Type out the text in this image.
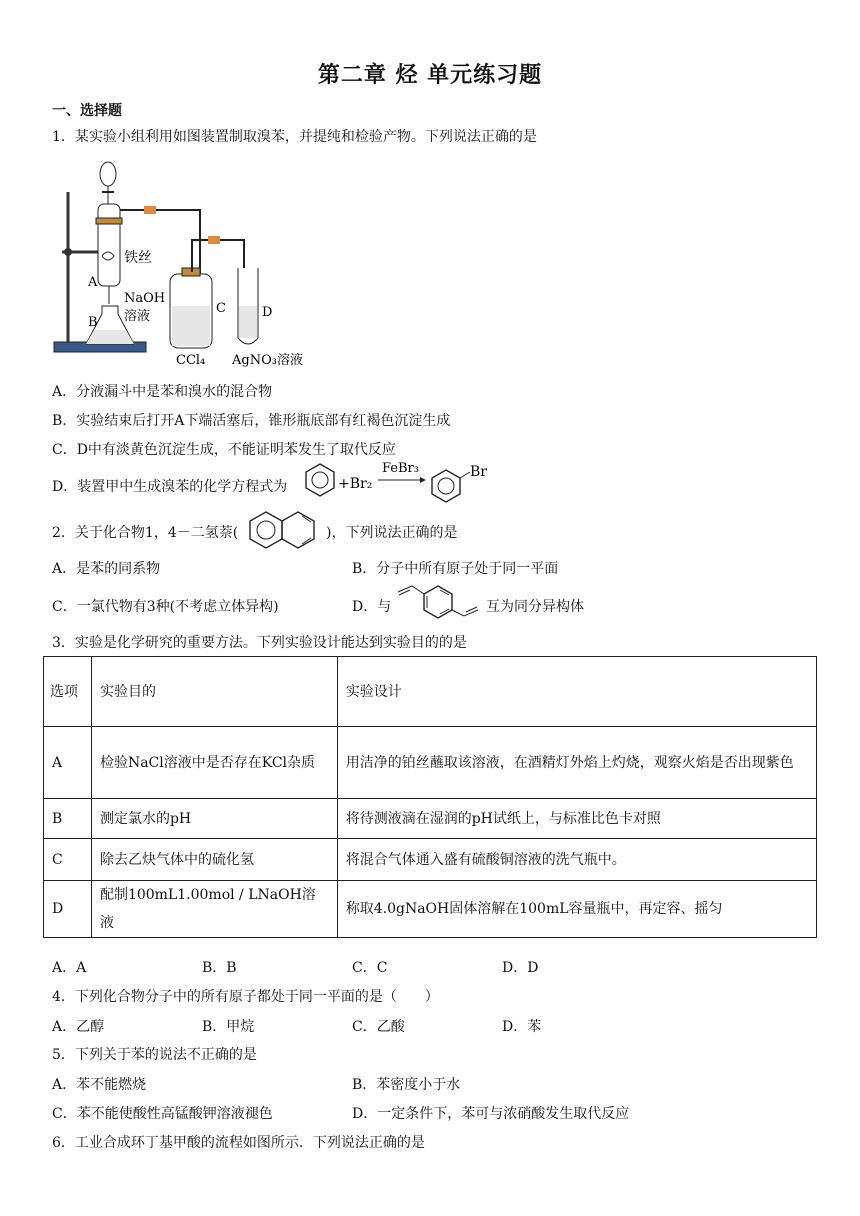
第二章 烃 单元练习题
一、选择题
1．某实验小组利用如图装置制取溴苯，并提纯和检验产物。下列说法正确的是
铁丝
A
NaOH
溶液
B
C	D
CCl₄ AgNO₃溶液
A．分液漏斗中是苯和溴水的混合物
B．实验结束后打开A下端活塞后，锥形瓶底部有红褐色沉淀生成
C．D中有淡黄色沉淀生成，不能证明苯发生了取代反应
D．装置甲中生成溴苯的化学方程式为	+Br₂
FeBr₃	Br
2．关于化合物1，4－二氢萘(	)，下列说法正确的是
A．是苯的同系物	B．分子中所有原子处于同一平面
C．一氯代物有3种(不考虑立体异构)	D．与	互为同分异构体
3．实验是化学研究的重要方法。下列实验设计能达到实验目的的是
选项	实验目的	实验设计
A	检验NaCl溶液中是否存在KCl杂质	用洁净的铂丝蘸取该溶液，在酒精灯外焰上灼烧，观察火焰是否出现紫色
B	测定氯水的pH	将待测液滴在湿润的pH试纸上，与标准比色卡对照
C	除去乙炔气体中的硫化氢	将混合气体通入盛有硫酸铜溶液的洗气瓶中。
D	配制100mL1.00mol / LNaOH溶液	称取4.0gNaOH固体溶解在100mL容量瓶中，再定容、摇匀
A．A	B．B	C．C	D．D
4．下列化合物分子中的所有原子都处于同一平面的是（　　）
A．乙醇	B．甲烷	C．乙酸	D．苯
5．下列关于苯的说法不正确的是
A．苯不能燃烧	B．苯密度小于水
C．苯不能使酸性高锰酸钾溶液褪色	D．一定条件下，苯可与浓硝酸发生取代反应
6．工业合成环丁基甲酸的流程如图所示．下列说法正确的是
